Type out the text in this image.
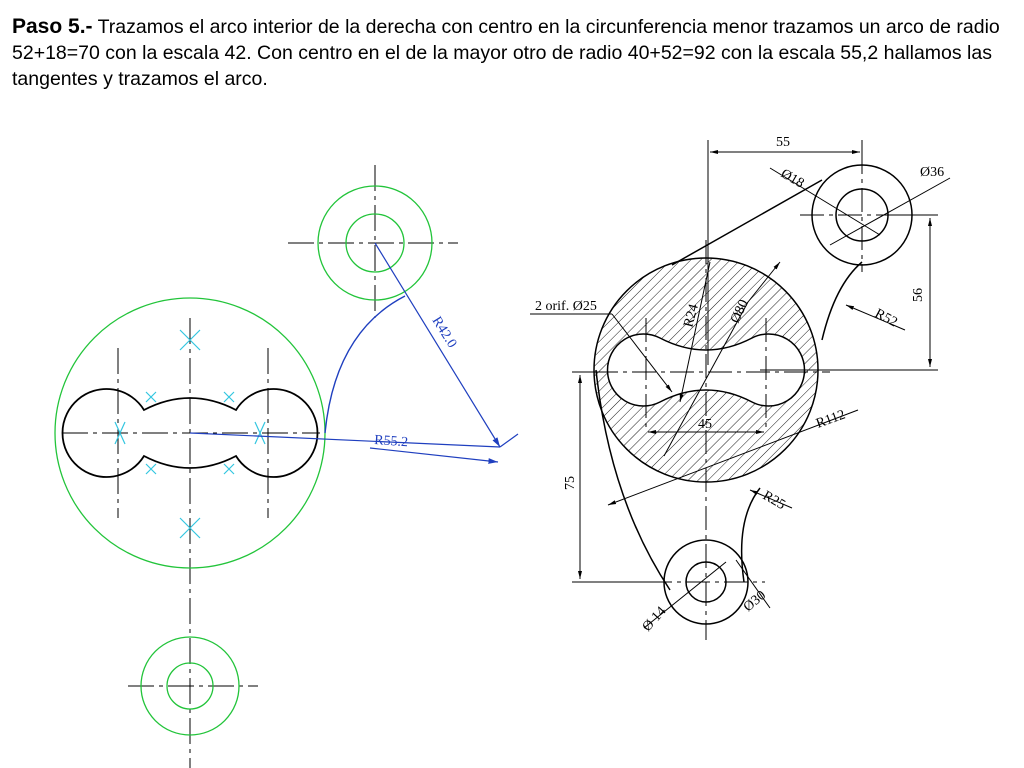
Paso 5.- Trazamos el arco interior de la derecha con centro en la circunferencia menor trazamos un arco de radio 52+18=70 con la escala 42. Con centro en el de la mayor otro de radio 40+52=92 con la escala 55,2 hallamos las tangentes y trazamos el arco.
R42.0
R55.2
55
Ø18	Ø36
56
R52
2 orif. Ø25	R24 Ø80
45	R112
75
R25
Ø 14
Ø30
